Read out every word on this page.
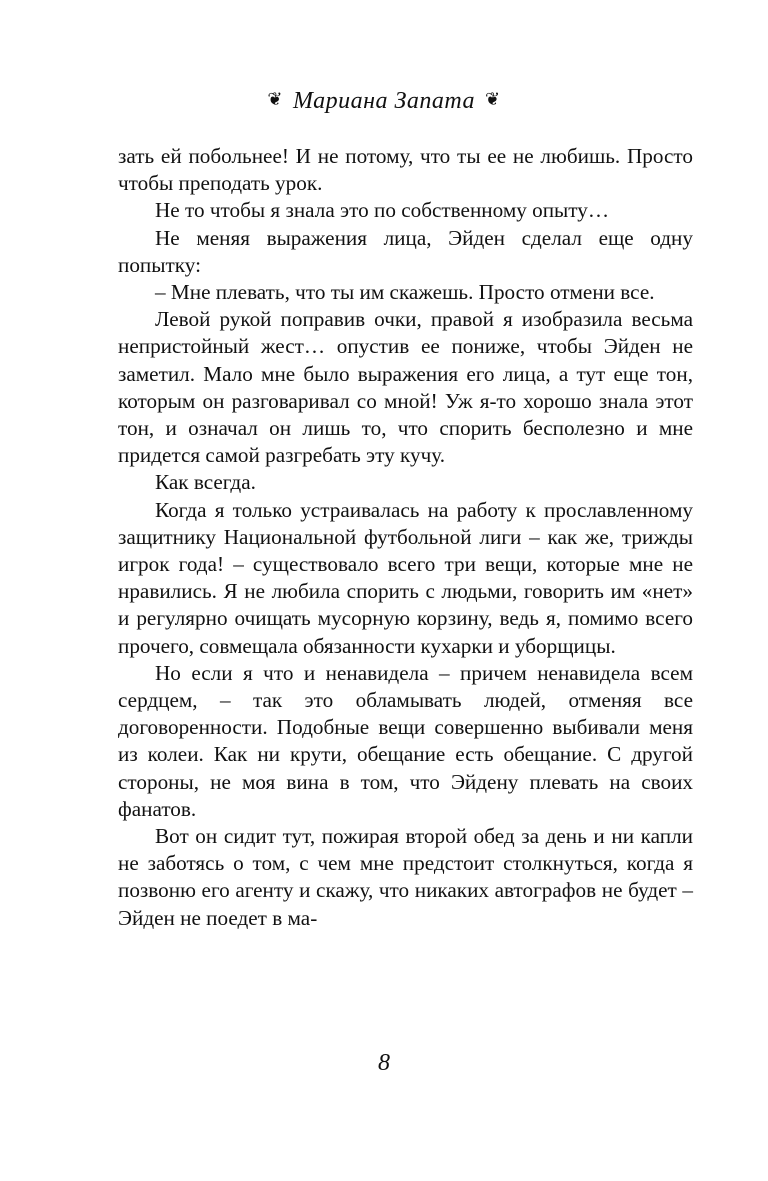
❦ Мариана Запата ❦

зать ей побольнее! И не потому, что ты ее не любишь. Просто чтобы преподать урок.

Не то чтобы я знала это по собственному опыту…

Не меняя выражения лица, Эйден сделал еще одну попытку:

– Мне плевать, что ты им скажешь. Просто отмени все.

Левой рукой поправив очки, правой я изобразила весьма непристойный жест… опустив ее пониже, чтобы Эйден не заметил. Мало мне было выражения его лица, а тут еще тон, которым он разговаривал со мной! Уж я-то хорошо знала этот тон, и означал он лишь то, что спорить бесполезно и мне придется самой разгребать эту кучу.

Как всегда.

Когда я только устраивалась на работу к прославленному защитнику Национальной футбольной лиги – как же, трижды игрок года! – существовало всего три вещи, которые мне не нравились. Я не любила спорить с людьми, говорить им «нет» и регулярно очищать мусорную корзину, ведь я, помимо всего прочего, совмещала обязанности кухарки и уборщицы.

Но если я что и ненавидела – причем ненавидела всем сердцем, – так это обламывать людей, отменяя все договоренности. Подобные вещи совершенно выбивали меня из колеи. Как ни крути, обещание есть обещание. С другой стороны, не моя вина в том, что Эйдену плевать на своих фанатов.

Вот он сидит тут, пожирая второй обед за день и ни капли не заботясь о том, с чем мне предстоит столкнуться, когда я позвоню его агенту и скажу, что никаких автографов не будет – Эйден не поедет в ма-

8
